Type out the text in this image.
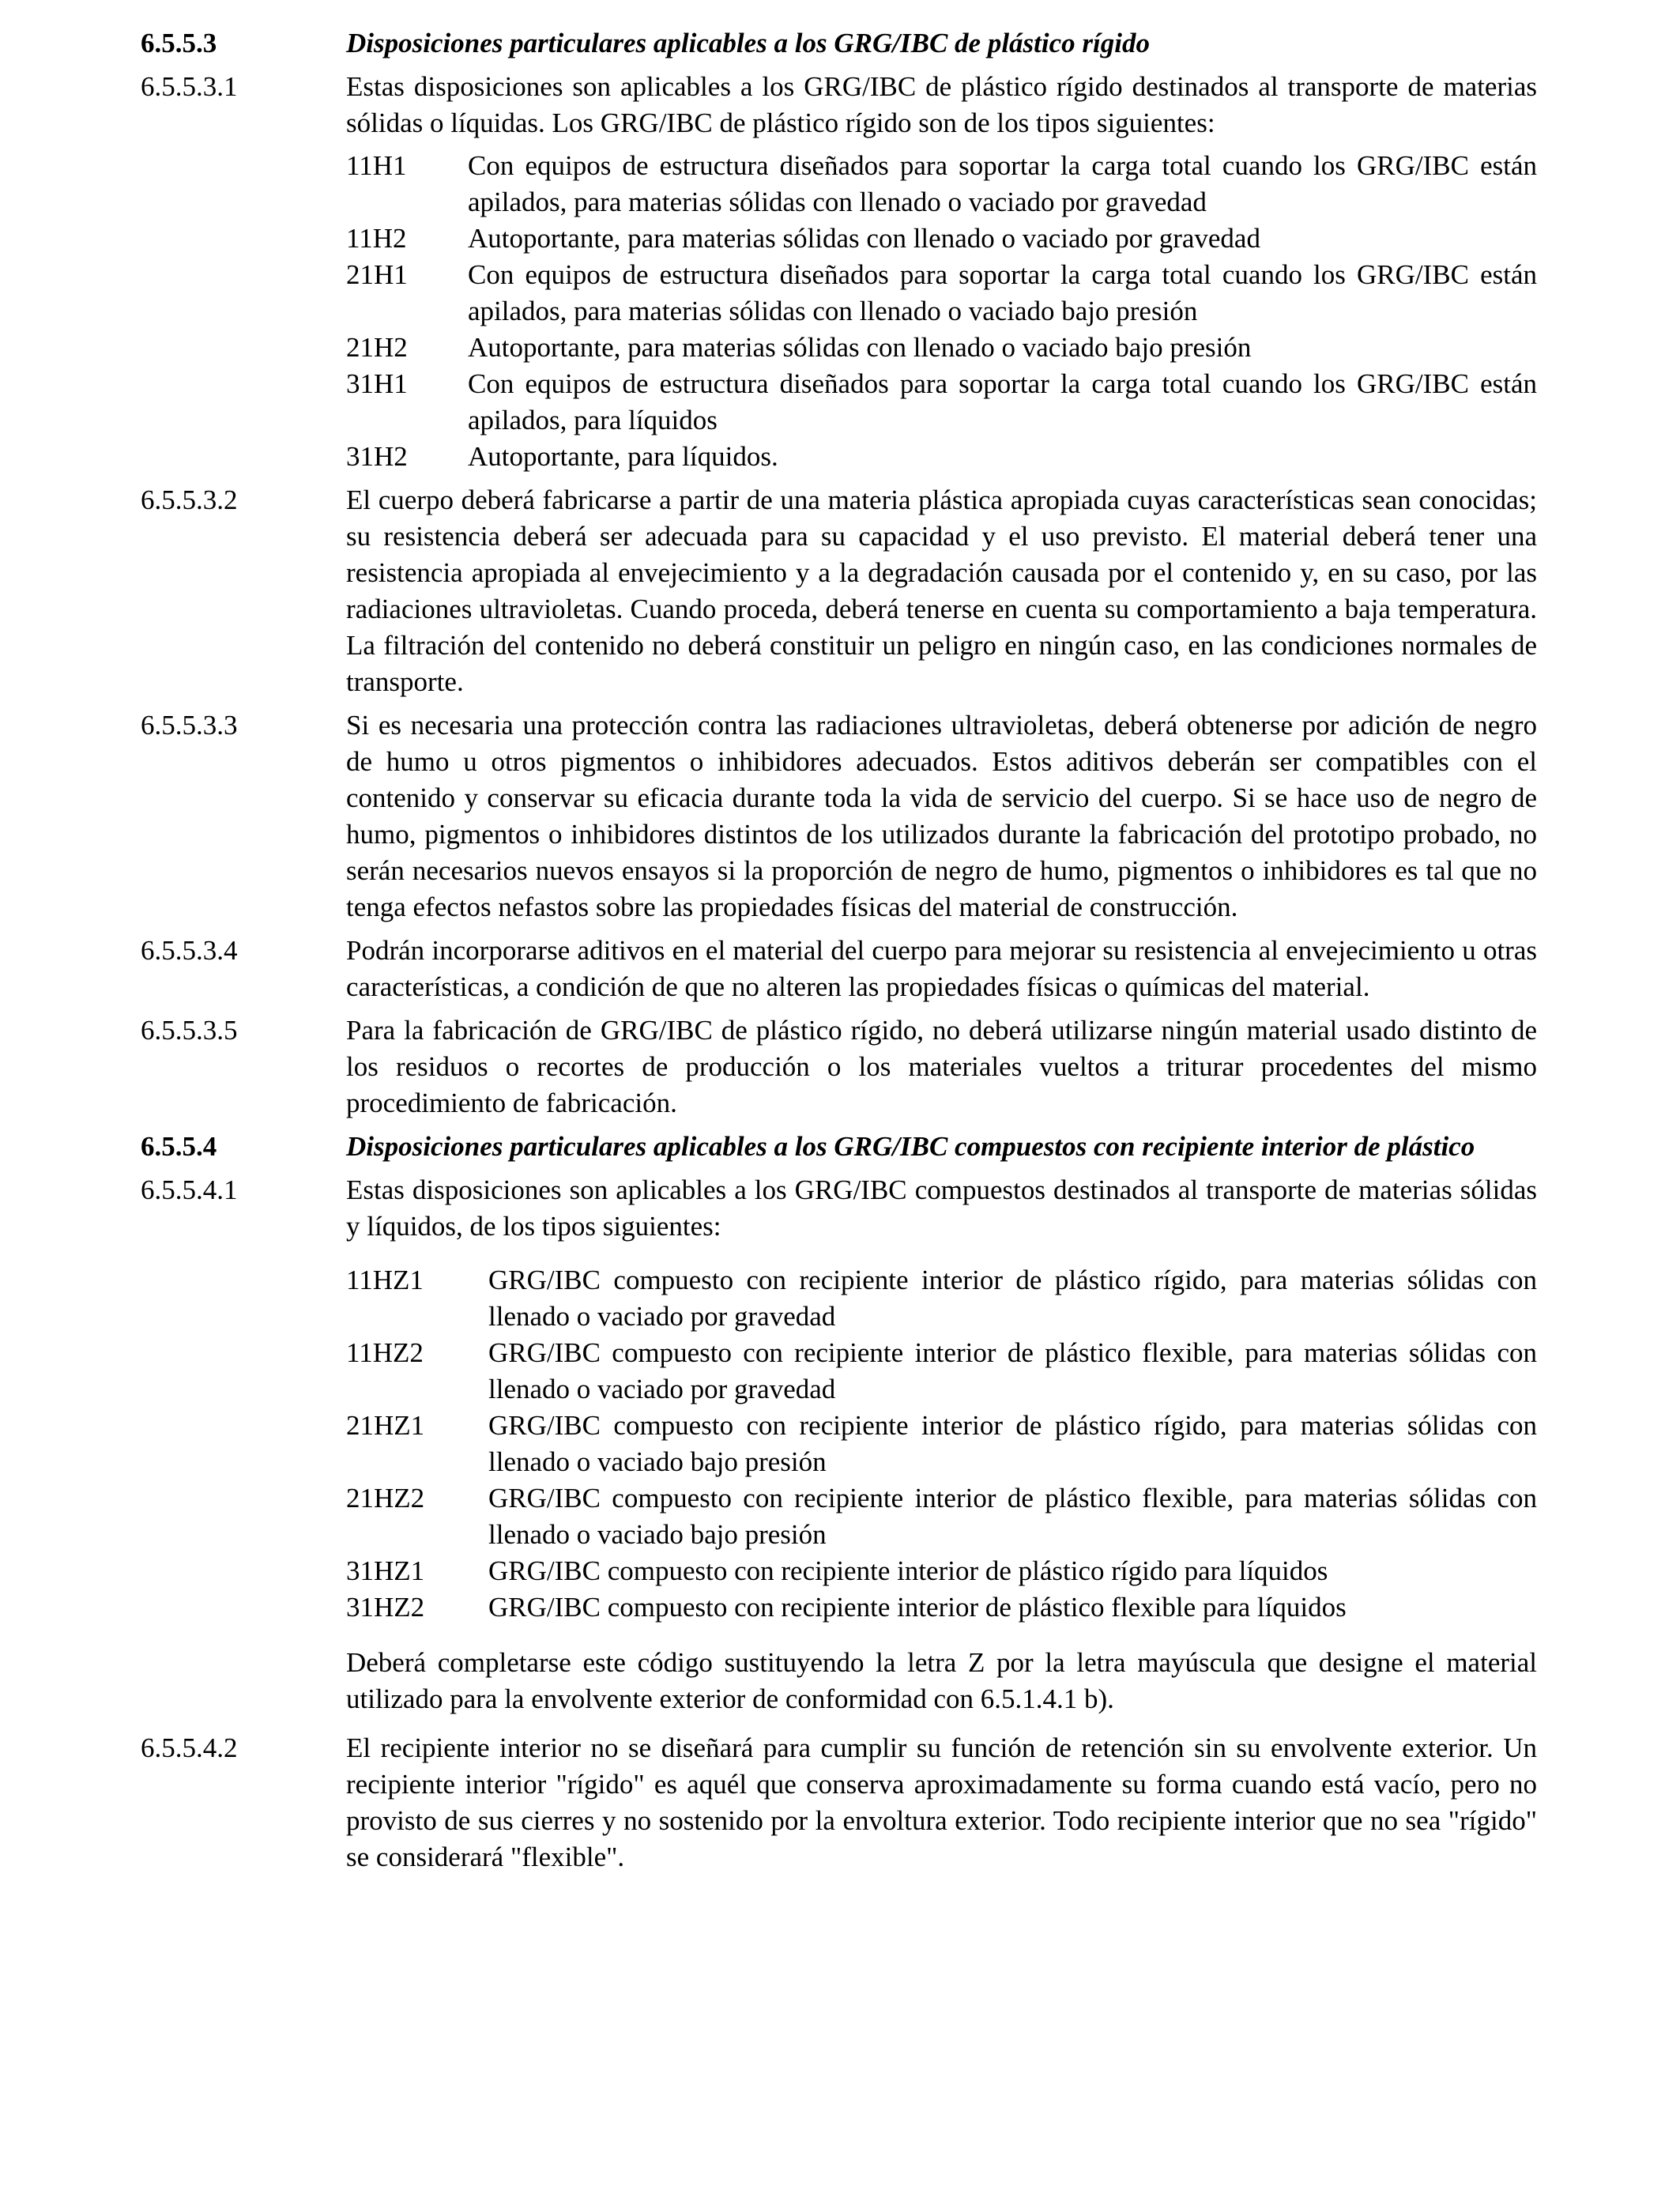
6.5.5.3	Disposiciones particulares aplicables a los GRG/IBC de plástico rígido
6.5.5.3.1	Estas disposiciones son aplicables a los GRG/IBC de plástico rígido destinados al transporte de materias sólidas o líquidas. Los GRG/IBC de plástico rígido son de los tipos siguientes:
11H1	Con equipos de estructura diseñados para soportar la carga total cuando los GRG/IBC están apilados, para materias sólidas con llenado o vaciado por gravedad
11H2	Autoportante, para materias sólidas con llenado o vaciado por gravedad
21H1	Con equipos de estructura diseñados para soportar la carga total cuando los GRG/IBC están apilados, para materias sólidas con llenado o vaciado bajo presión
21H2	Autoportante, para materias sólidas con llenado o vaciado bajo presión
31H1	Con equipos de estructura diseñados para soportar la carga total cuando los GRG/IBC están apilados, para líquidos
31H2	Autoportante, para líquidos.
6.5.5.3.2	El cuerpo deberá fabricarse a partir de una materia plástica apropiada cuyas características sean conocidas; su resistencia deberá ser adecuada para su capacidad y el uso previsto. El material deberá tener una resistencia apropiada al envejecimiento y a la degradación causada por el contenido y, en su caso, por las radiaciones ultravioletas. Cuando proceda, deberá tenerse en cuenta su comportamiento a baja temperatura. La filtración del contenido no deberá constituir un peligro en ningún caso, en las condiciones normales de transporte.
6.5.5.3.3	Si es necesaria una protección contra las radiaciones ultravioletas, deberá obtenerse por adición de negro de humo u otros pigmentos o inhibidores adecuados. Estos aditivos deberán ser compatibles con el contenido y conservar su eficacia durante toda la vida de servicio del cuerpo. Si se hace uso de negro de humo, pigmentos o inhibidores distintos de los utilizados durante la fabricación del prototipo probado, no serán necesarios nuevos ensayos si la proporción de negro de humo, pigmentos o inhibidores es tal que no tenga efectos nefastos sobre las propiedades físicas del material de construcción.
6.5.5.3.4	Podrán incorporarse aditivos en el material del cuerpo para mejorar su resistencia al envejecimiento u otras características, a condición de que no alteren las propiedades físicas o químicas del material.
6.5.5.3.5	Para la fabricación de GRG/IBC de plástico rígido, no deberá utilizarse ningún material usado distinto de los residuos o recortes de producción o los materiales vueltos a triturar procedentes del mismo procedimiento de fabricación.
6.5.5.4	Disposiciones particulares aplicables a los GRG/IBC compuestos con recipiente interior de plástico
6.5.5.4.1	Estas disposiciones son aplicables a los GRG/IBC compuestos destinados al transporte de materias sólidas y líquidos, de los tipos siguientes:
11HZ1	GRG/IBC compuesto con recipiente interior de plástico rígido, para materias sólidas con llenado o vaciado por gravedad
11HZ2	GRG/IBC compuesto con recipiente interior de plástico flexible, para materias sólidas con llenado o vaciado por gravedad
21HZ1	GRG/IBC compuesto con recipiente interior de plástico rígido, para materias sólidas con llenado o vaciado bajo presión
21HZ2	GRG/IBC compuesto con recipiente interior de plástico flexible, para materias sólidas con llenado o vaciado bajo presión
31HZ1	GRG/IBC compuesto con recipiente interior de plástico rígido para líquidos
31HZ2	GRG/IBC compuesto con recipiente interior de plástico flexible para líquidos
Deberá completarse este código sustituyendo la letra Z por la letra mayúscula que designe el material utilizado para la envolvente exterior de conformidad con 6.5.1.4.1 b).
6.5.5.4.2	El recipiente interior no se diseñará para cumplir su función de retención sin su envolvente exterior. Un recipiente interior "rígido" es aquél que conserva aproximadamente su forma cuando está vacío, pero no provisto de sus cierres y no sostenido por la envoltura exterior. Todo recipiente interior que no sea "rígido" se considerará "flexible".
